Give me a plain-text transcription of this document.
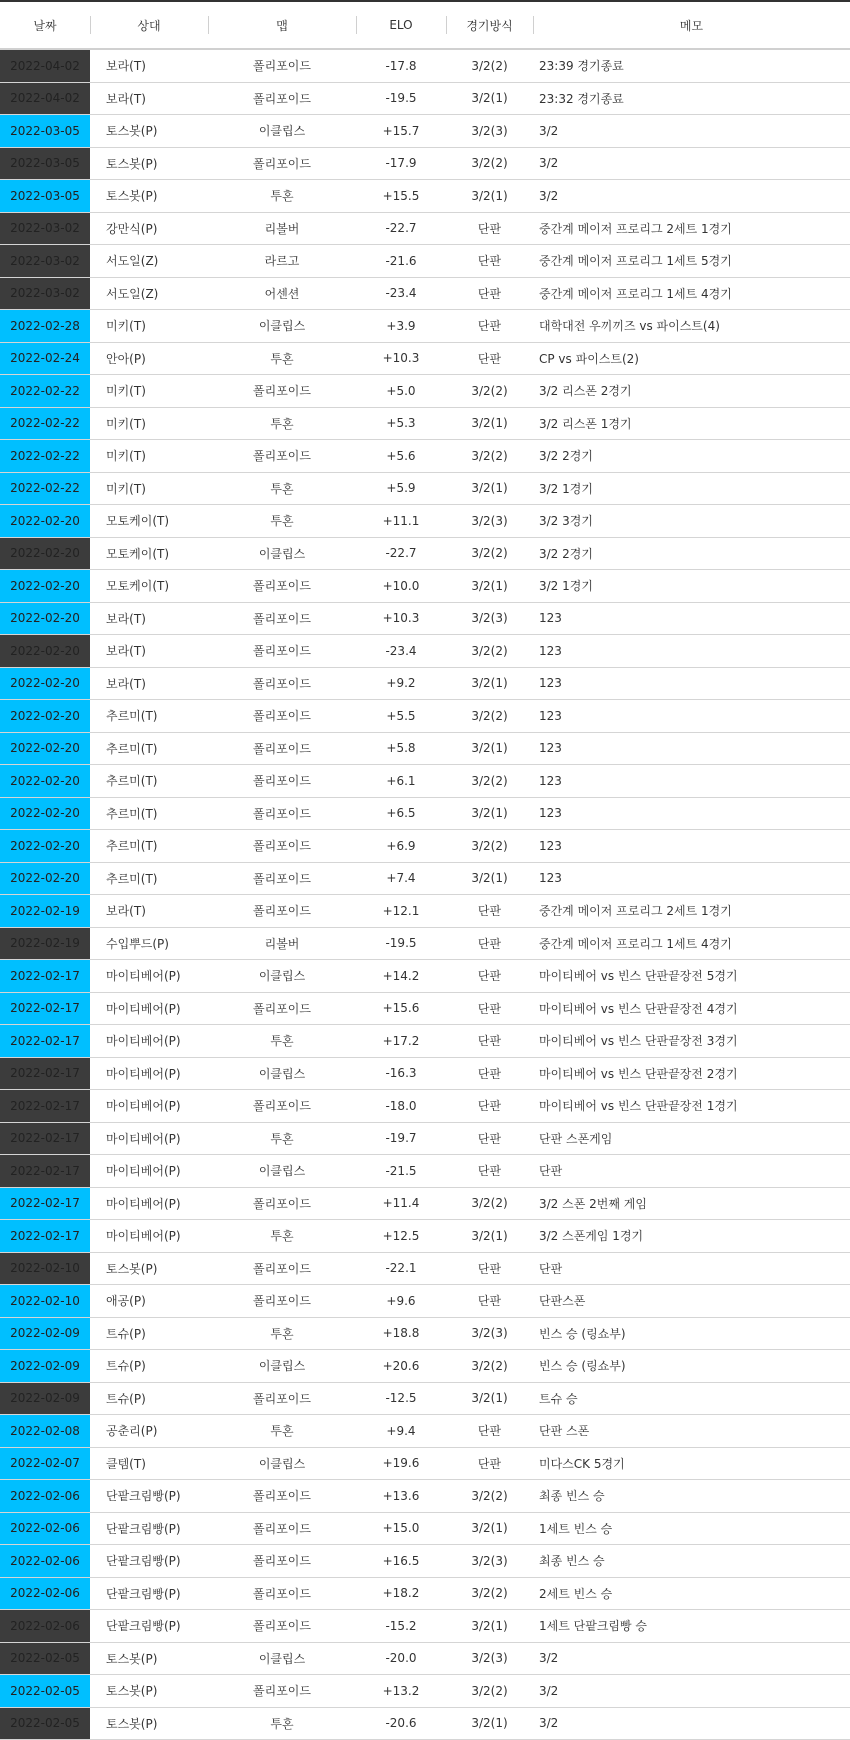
날짜	상대	맵	ELO	경기방식	메모
2022-04-02	보라(T)	폴리포이드	-17.8	3/2(2)	23:39 경기종료
2022-04-02	보라(T)	폴리포이드	-19.5	3/2(1)	23:32 경기종료
2022-03-05	토스봇(P)	이클립스	+15.7	3/2(3)	3/2
2022-03-05	토스봇(P)	폴리포이드	-17.9	3/2(2)	3/2
2022-03-05	토스봇(P)	투혼	+15.5	3/2(1)	3/2
2022-03-02	강만식(P)	리볼버	-22.7	단판	중간계 메이저 프로리그 2세트 1경기
2022-03-02	서도일(Z)	라르고	-21.6	단판	중간계 메이저 프로리그 1세트 5경기
2022-03-02	서도일(Z)	어센션	-23.4	단판	중간계 메이저 프로리그 1세트 4경기
2022-02-28	미키(T)	이클립스	+3.9	단판	대학대전 우끼끼즈 vs 파이스트(4)
2022-02-24	안아(P)	투혼	+10.3	단판	CP vs 파이스트(2)
2022-02-22	미키(T)	폴리포이드	+5.0	3/2(2)	3/2 리스폰 2경기
2022-02-22	미키(T)	투혼	+5.3	3/2(1)	3/2 리스폰 1경기
2022-02-22	미키(T)	폴리포이드	+5.6	3/2(2)	3/2 2경기
2022-02-22	미키(T)	투혼	+5.9	3/2(1)	3/2 1경기
2022-02-20	모토케이(T)	투혼	+11.1	3/2(3)	3/2 3경기
2022-02-20	모토케이(T)	이클립스	-22.7	3/2(2)	3/2 2경기
2022-02-20	모토케이(T)	폴리포이드	+10.0	3/2(1)	3/2 1경기
2022-02-20	보라(T)	폴리포이드	+10.3	3/2(3)	123
2022-02-20	보라(T)	폴리포이드	-23.4	3/2(2)	123
2022-02-20	보라(T)	폴리포이드	+9.2	3/2(1)	123
2022-02-20	추르미(T)	폴리포이드	+5.5	3/2(2)	123
2022-02-20	추르미(T)	폴리포이드	+5.8	3/2(1)	123
2022-02-20	추르미(T)	폴리포이드	+6.1	3/2(2)	123
2022-02-20	추르미(T)	폴리포이드	+6.5	3/2(1)	123
2022-02-20	추르미(T)	폴리포이드	+6.9	3/2(2)	123
2022-02-20	추르미(T)	폴리포이드	+7.4	3/2(1)	123
2022-02-19	보라(T)	폴리포이드	+12.1	단판	중간계 메이저 프로리그 2세트 1경기
2022-02-19	수입뿌드(P)	리볼버	-19.5	단판	중간계 메이저 프로리그 1세트 4경기
2022-02-17	마이티베어(P)	이클립스	+14.2	단판	마이티베어 vs 빈스 단판끝장전 5경기
2022-02-17	마이티베어(P)	폴리포이드	+15.6	단판	마이티베어 vs 빈스 단판끝장전 4경기
2022-02-17	마이티베어(P)	투혼	+17.2	단판	마이티베어 vs 빈스 단판끝장전 3경기
2022-02-17	마이티베어(P)	이클립스	-16.3	단판	마이티베어 vs 빈스 단판끝장전 2경기
2022-02-17	마이티베어(P)	폴리포이드	-18.0	단판	마이티베어 vs 빈스 단판끝장전 1경기
2022-02-17	마이티베어(P)	투혼	-19.7	단판	단판 스폰게임
2022-02-17	마이티베어(P)	이클립스	-21.5	단판	단판
2022-02-17	마이티베어(P)	폴리포이드	+11.4	3/2(2)	3/2 스폰 2번째 게임
2022-02-17	마이티베어(P)	투혼	+12.5	3/2(1)	3/2 스폰게임 1경기
2022-02-10	토스봇(P)	폴리포이드	-22.1	단판	단판
2022-02-10	애공(P)	폴리포이드	+9.6	단판	단판스폰
2022-02-09	트슈(P)	투혼	+18.8	3/2(3)	빈스 승 (링쇼부)
2022-02-09	트슈(P)	이클립스	+20.6	3/2(2)	빈스 승 (링쇼부)
2022-02-09	트슈(P)	폴리포이드	-12.5	3/2(1)	트슈 승
2022-02-08	공춘리(P)	투혼	+9.4	단판	단판 스폰
2022-02-07	클템(T)	이클립스	+19.6	단판	미다스CK 5경기
2022-02-06	단팥크림빵(P)	폴리포이드	+13.6	3/2(2)	최종 빈스 승
2022-02-06	단팥크림빵(P)	폴리포이드	+15.0	3/2(1)	1세트 빈스 승
2022-02-06	단팥크림빵(P)	폴리포이드	+16.5	3/2(3)	최종 빈스 승
2022-02-06	단팥크림빵(P)	폴리포이드	+18.2	3/2(2)	2세트 빈스 승
2022-02-06	단팥크림빵(P)	폴리포이드	-15.2	3/2(1)	1세트 단팥크림빵 승
2022-02-05	토스봇(P)	이클립스	-20.0	3/2(3)	3/2
2022-02-05	토스봇(P)	폴리포이드	+13.2	3/2(2)	3/2
2022-02-05	토스봇(P)	투혼	-20.6	3/2(1)	3/2
